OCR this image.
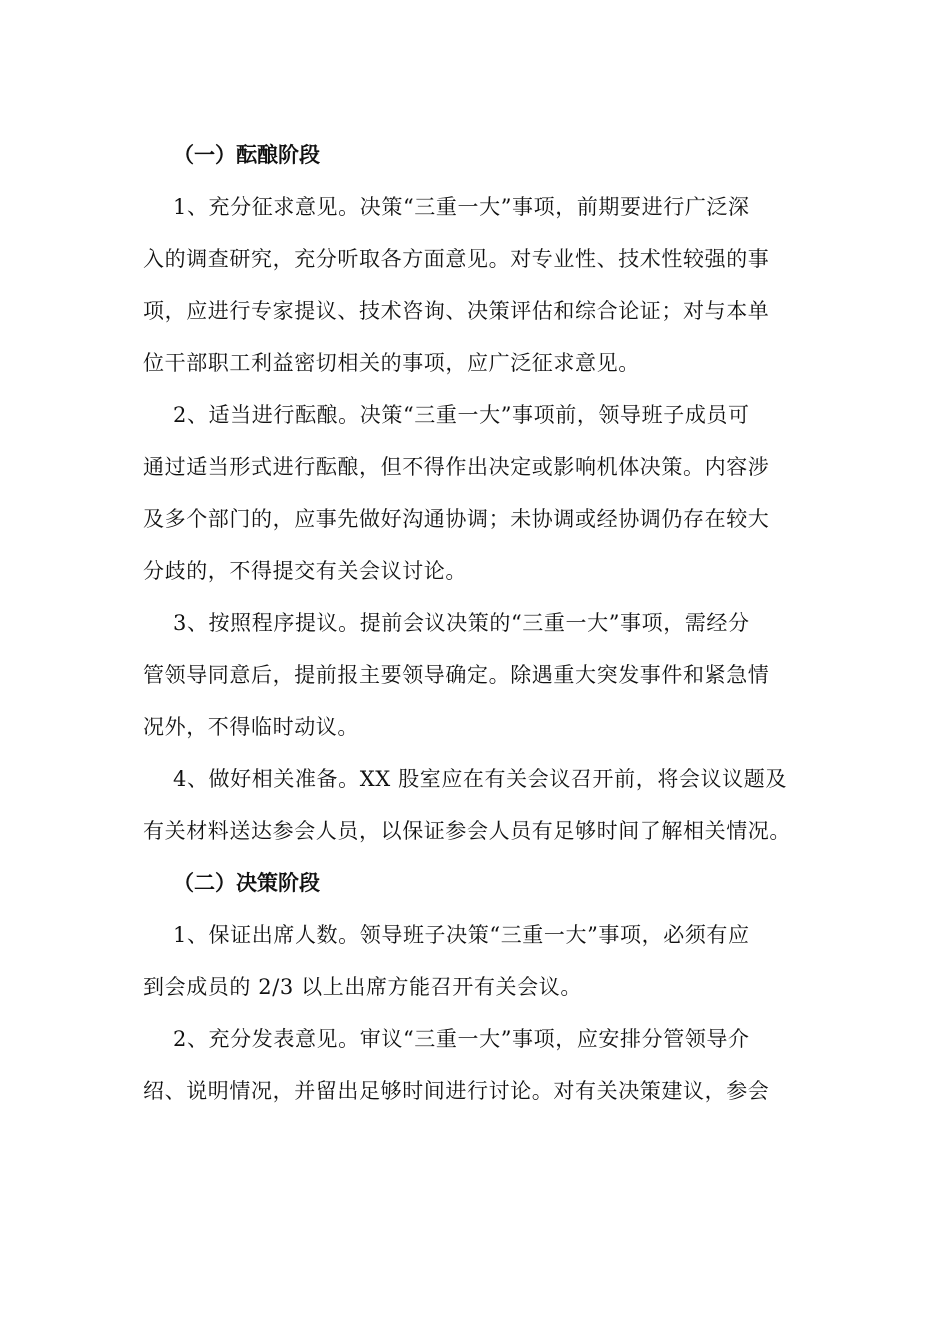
（一）酝酿阶段
1、充分征求意见。决策“三重一大”事项，前期要进行广泛深
入的调查研究，充分听取各方面意见。对专业性、技术性较强的事
项，应进行专家提议、技术咨询、决策评估和综合论证；对与本单
位干部职工利益密切相关的事项，应广泛征求意见。
2、适当进行酝酿。决策“三重一大”事项前，领导班子成员可
通过适当形式进行酝酿，但不得作出决定或影响机体决策。内容涉
及多个部门的，应事先做好沟通协调；未协调或经协调仍存在较大
分歧的，不得提交有关会议讨论。
3、按照程序提议。提前会议决策的“三重一大”事项，需经分
管领导同意后，提前报主要领导确定。除遇重大突发事件和紧急情
况外，不得临时动议。
4、做好相关准备。XX 股室应在有关会议召开前，将会议议题及
有关材料送达参会人员，以保证参会人员有足够时间了解相关情况。
（二）决策阶段
1、保证出席人数。领导班子决策“三重一大”事项，必须有应
到会成员的 2/3 以上出席方能召开有关会议。
2、充分发表意见。审议“三重一大”事项，应安排分管领导介
绍、说明情况，并留出足够时间进行讨论。对有关决策建议，参会
